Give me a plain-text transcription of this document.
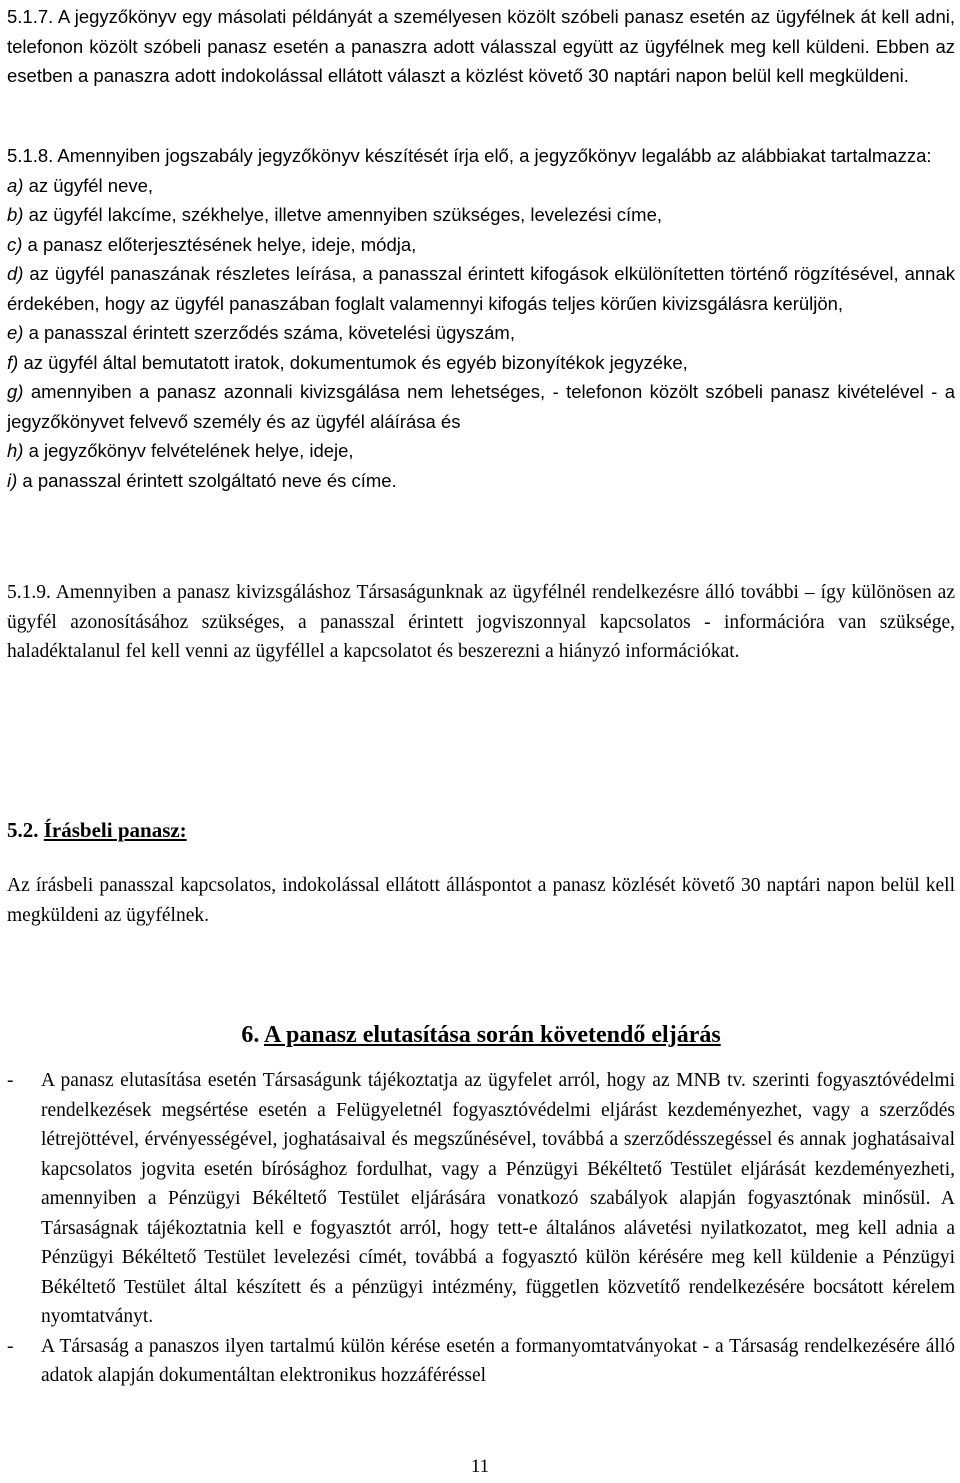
5.1.7. A jegyzőkönyv egy másolati példányát a személyesen közölt szóbeli panasz esetén az ügyfélnek át kell adni, telefonon közölt szóbeli panasz esetén a panaszra adott válasszal együtt az ügyfélnek meg kell küldeni. Ebben az esetben a panaszra adott indokolással ellátott választ a közlést követő 30 naptári napon belül kell megküldeni.

5.1.8. Amennyiben jogszabály jegyzőkönyv készítését írja elő, a jegyzőkönyv legalább az alábbiakat tartalmazza:

a) az ügyfél neve,

b) az ügyfél lakcíme, székhelye, illetve amennyiben szükséges, levelezési címe,

c) a panasz előterjesztésének helye, ideje, módja,

d) az ügyfél panaszának részletes leírása, a panasszal érintett kifogások elkülönítetten történő rögzítésével, annak érdekében, hogy az ügyfél panaszában foglalt valamennyi kifogás teljes körűen kivizsgálásra kerüljön,

e) a panasszal érintett szerződés száma, követelési ügyszám,

f) az ügyfél által bemutatott iratok, dokumentumok és egyéb bizonyítékok jegyzéke,

g) amennyiben a panasz azonnali kivizsgálása nem lehetséges, - telefonon közölt szóbeli panasz kivételével - a jegyzőkönyvet felvevő személy és az ügyfél aláírása és

h) a jegyzőkönyv felvételének helye, ideje,

i) a panasszal érintett szolgáltató neve és címe.

5.1.9. Amennyiben a panasz kivizsgáláshoz Társaságunknak az ügyfélnél rendelkezésre álló további – így különösen az ügyfél azonosításához szükséges, a panasszal érintett jogviszonnyal kapcsolatos - információra van szüksége, haladéktalanul fel kell venni az ügyféllel a kapcsolatot és beszerezni a hiányzó információkat.

5.2. Írásbeli panasz:

Az írásbeli panasszal kapcsolatos, indokolással ellátott álláspontot a panasz közlését követő 30 naptári napon belül kell megküldeni az ügyfélnek.

6. A panasz elutasítása során követendő eljárás
-	A panasz elutasítása esetén Társaságunk tájékoztatja az ügyfelet arról, hogy az MNB tv. szerinti fogyasztóvédelmi rendelkezések megsértése esetén a Felügyeletnél fogyasztóvédelmi eljárást kezdeményezhet, vagy a szerződés létrejöttével, érvényességével, joghatásaival és megszűnésével, továbbá a szerződésszegéssel és annak joghatásaival kapcsolatos jogvita esetén bírósághoz fordulhat, vagy a Pénzügyi Békéltető Testület eljárását kezdeményezheti, amennyiben a Pénzügyi Békéltető Testület eljárására vonatkozó szabályok alapján fogyasztónak minősül. A Társaságnak tájékoztatnia kell e fogyasztót arról, hogy tett-e általános alávetési nyilatkozatot, meg kell adnia a Pénzügyi Békéltető Testület levelezési címét, továbbá a fogyasztó külön kérésére meg kell küldenie a Pénzügyi Békéltető Testület által készített és a pénzügyi intézmény, független közvetítő rendelkezésére bocsátott kérelem nyomtatványt.

-	A Társaság a panaszos ilyen tartalmú külön kérése esetén a formanyomtatványokat - a Társaság rendelkezésére álló adatok alapján dokumentáltan elektronikus hozzáféréssel

11
